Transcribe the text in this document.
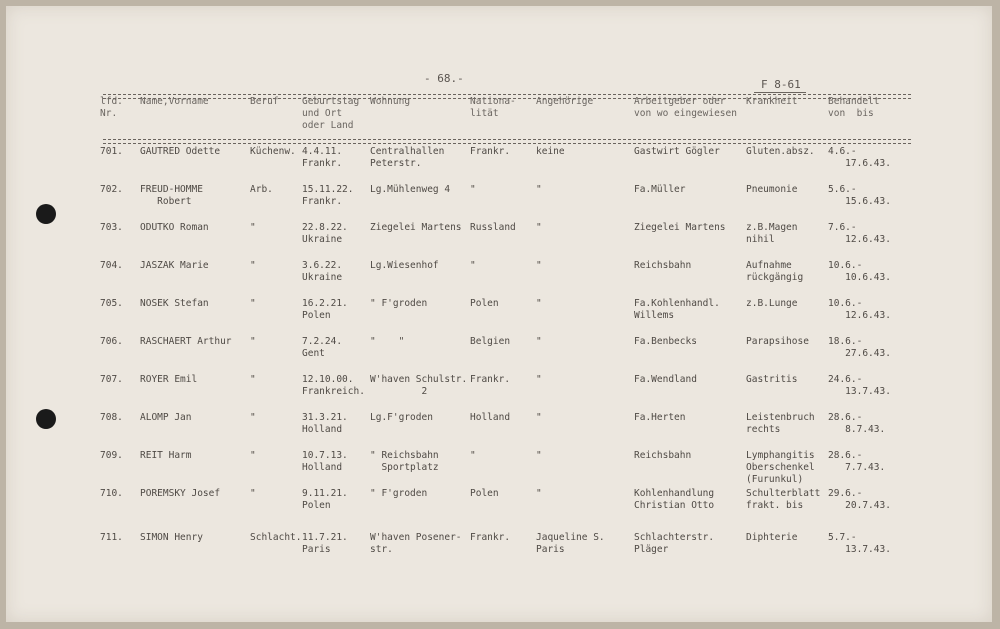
- 68.-	F 8-61
lfd.
Nr.
Name,Vorname	Beruf Geburtstag
und Ort
oder Land
Wohnung	Nationa-
lität
Angehörige	Arbeitgeber oder
von wo eingewiesen
Krankheit	Behandelt
von  bis
701. GAUTRED Odette	Küchenw. 4.4.11.
Frankr.
Centralhallen
Peterstr.
Frankr.	keine	Gastwirt Gögler	Gluten.absz. 4.6.-
17.6.43.
702. FREUD-HOMME
Robert
Arb.	15.11.22.
Frankr.
Lg.Mühlenweg 4 "	"	Fa.Müller	Pneumonie	5.6.-
15.6.43.
703. ODUTKO Roman	"	22.8.22.
Ukraine
Ziegelei Martens Russland "	Ziegelei Martens z.B.Magen
nihil
7.6.-
12.6.43.
704. JASZAK Marie	"	3.6.22.
Ukraine
Lg.Wiesenhof	"	"	Reichsbahn	Aufnahme
rückgängig
10.6.-
10.6.43.
705. NOSEK Stefan	"	16.2.21.
Polen
" F'groden	Polen	"	Fa.Kohlenhandl.
Willems
z.B.Lunge	10.6.-
12.6.43.
706. RASCHAERT Arthur "	7.2.24.
Gent
"    "	Belgien	"	Fa.Benbecks	Parapsihose 18.6.-
27.6.43.
707. ROYER Emil	"	12.10.00.
Frankreich.
W'haven Schulstr.
2
Frankr.	"	Fa.Wendland	Gastritis	24.6.-
13.7.43.
708. ALOMP Jan	"	31.3.21.
Holland
Lg.F'groden	Holland	"	Fa.Herten	Leistenbruch
rechts
28.6.-
8.7.43.
709. REIT Harm	"	10.7.13.
Holland
" Reichsbahn
Sportplatz
"	"	Reichsbahn	Lymphangitis
Oberschenkel
(Furunkul)
28.6.-
7.7.43.
710. POREMSKY Josef	"	9.11.21.
Polen
" F'groden	Polen	"	Kohlenhandlung
Christian Otto
Schulterblatt
frakt. bis
29.6.-
20.7.43.
711. SIMON Henry	Schlacht. 11.7.21.
Paris
W'haven Posener-
str.
Frankr.	Jaqueline S.
Paris
Schlachterstr.
Pläger
Diphterie	5.7.-
13.7.43.
